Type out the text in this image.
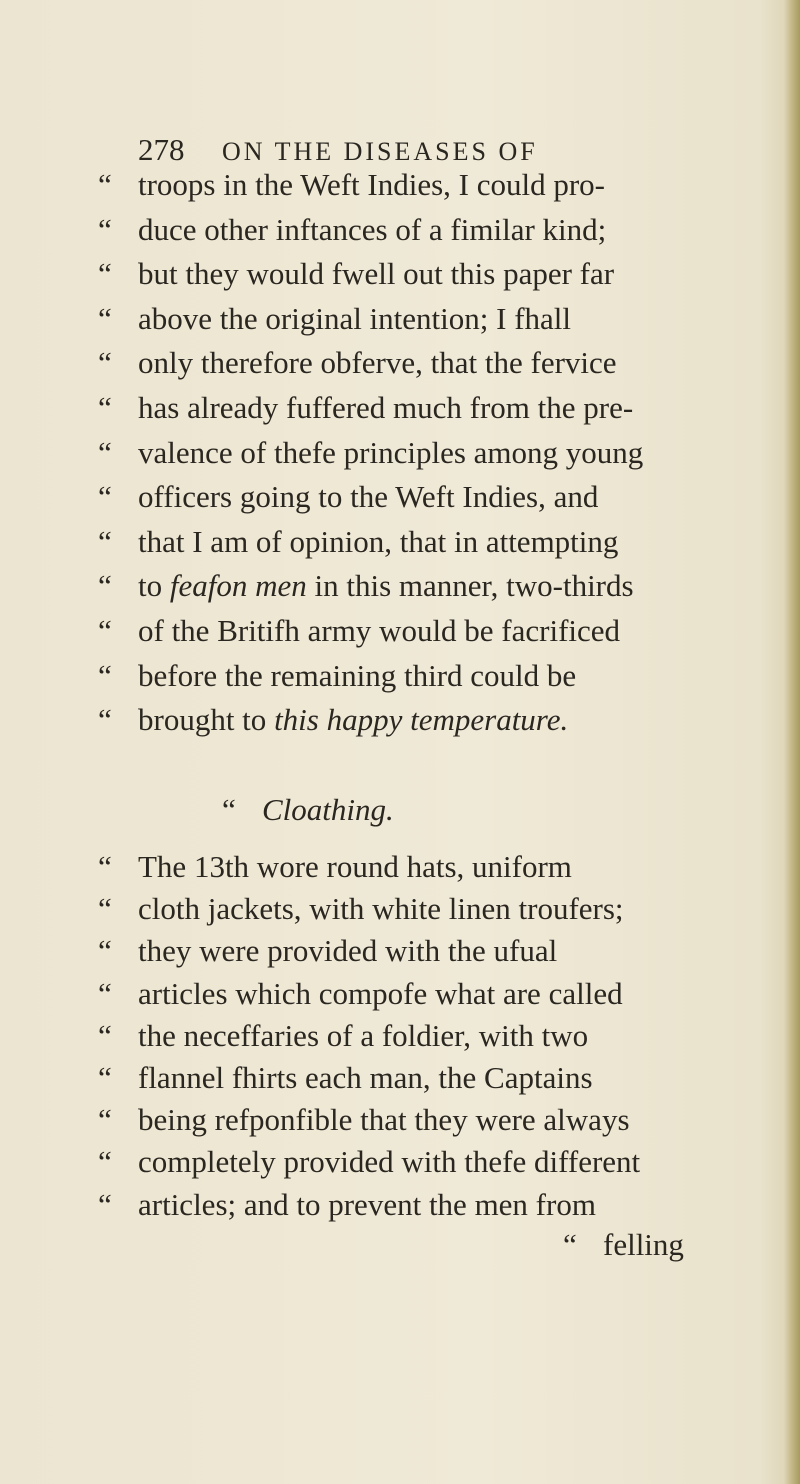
278 ON THE DISEASES OF
“ troops in the Weft Indies, I could pro-
“ duce other inftances of a fimilar kind;
“ but they would fwell out this paper far
“ above the original intention; I fhall
“ only therefore obferve, that the fervice
“ has already fuffered much from the pre-
“ valence of thefe principles among young
“ officers going to the Weft Indies, and
“ that I am of opinion, that in attempting
“ to feafon men in this manner, two-thirds
“ of the Britifh army would be facrificed
“ before the remaining third could be
“ brought to this happy temperature.
“ Cloathing.
“ The 13th wore round hats, uniform
“ cloth jackets, with white linen troufers;
“ they were provided with the ufual
“ articles which compofe what are called
“ the neceffaries of a foldier, with two
“ flannel fhirts each man, the Captains
“ being refponfible that they were always
“ completely provided with thefe different
“ articles; and to prevent the men from
“ felling
